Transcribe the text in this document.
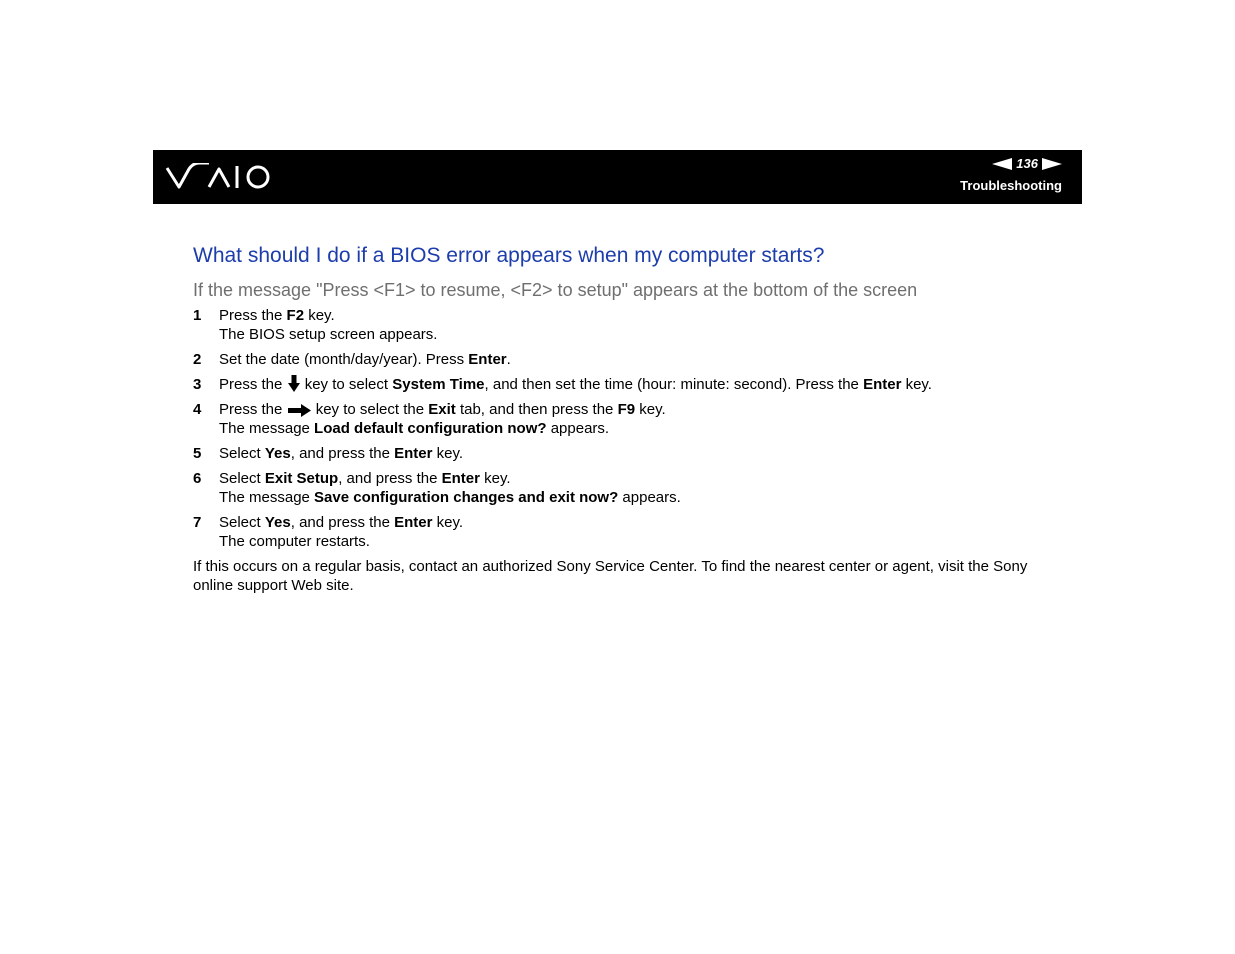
136
Troubleshooting
What should I do if a BIOS error appears when my computer starts?
If the message "Press <F1> to resume, <F2> to setup" appears at the bottom of the screen
1 Press the F2 key.
The BIOS setup screen appears.
2 Set the date (month/day/year). Press Enter.
3 Press the  key to select System Time, and then set the time (hour: minute: second). Press the Enter key.
4 Press the  key to select the Exit tab, and then press the F9 key.
The message Load default configuration now? appears.
5 Select Yes, and press the Enter key.
6 Select Exit Setup, and press the Enter key.
The message Save configuration changes and exit now? appears.
7 Select Yes, and press the Enter key.
The computer restarts.

If this occurs on a regular basis, contact an authorized Sony Service Center. To find the nearest center or agent, visit the Sony online support Web site.
